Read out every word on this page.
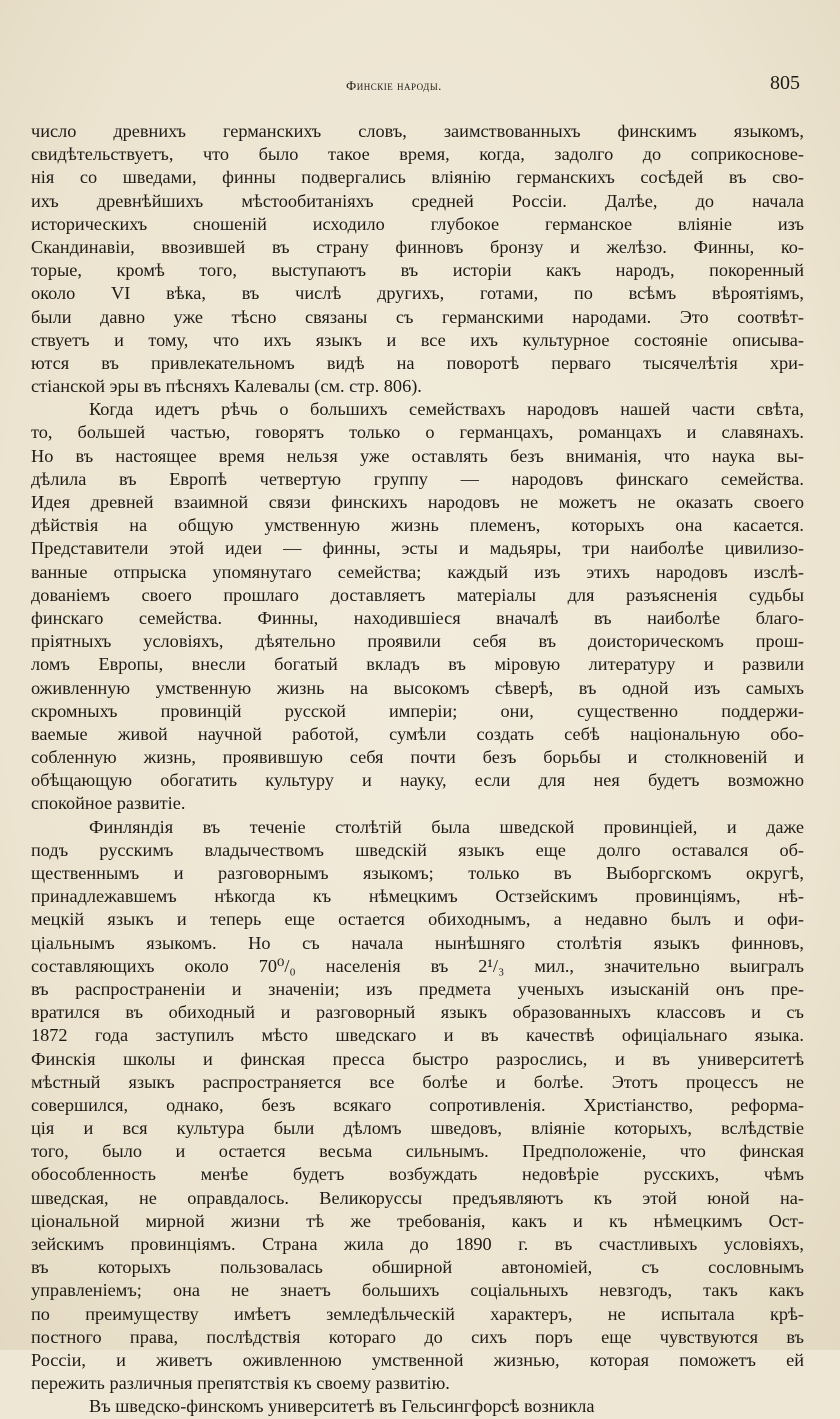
Финскіе народы.	805
число древнихъ германскихъ словъ, заимствованныхъ финскимъ языкомъ,
свидѣтельствуетъ, что было такое время, когда, задолго до соприкоснове-
нія со шведами, финны подвергались вліянію германскихъ сосѣдей въ сво-
ихъ древнѣйшихъ мѣстообитаніяхъ средней Россіи. Далѣе, до начала
историческихъ сношеній исходило глубокое германское вліяніе изъ
Скандинавіи, ввозившей въ страну финновъ бронзу и желѣзо. Финны, ко-
торые, кромѣ того, выступаютъ въ исторіи какъ народъ, покоренный
около VI вѣка, въ числѣ другихъ, готами, по всѣмъ вѣроятіямъ,
были давно уже тѣсно связаны съ германскими народами. Это соотвѣт-
ствуетъ и тому, что ихъ языкъ и все ихъ культурное состояніе описыва-
ются въ привлекательномъ видѣ на поворотѣ перваго тысячелѣтія хри-
стіанской эры въ пѣсняхъ Калевалы (см. стр. 806).
Когда идетъ рѣчь о большихъ семействахъ народовъ нашей части свѣта,
то, большей частью, говорятъ только о германцахъ, романцахъ и славянахъ.
Но въ настоящее время нельзя уже оставлять безъ вниманія, что наука вы-
дѣлила въ Европѣ четвертую группу — народовъ финскаго семейства.
Идея древней взаимной связи финскихъ народовъ не можетъ не оказать своего
дѣйствія на общую умственную жизнь племенъ, которыхъ она касается.
Представители этой идеи — финны, эсты и мадьяры, три наиболѣе цивилизо-
ванные отпрыска упомянутаго семейства; каждый изъ этихъ народовъ изслѣ-
дованіемъ своего прошлаго доставляетъ матеріалы для разъясненія судьбы
финскаго семейства. Финны, находившіеся вначалѣ въ наиболѣе благо-
пріятныхъ условіяхъ, дѣятельно проявили себя въ доисторическомъ прош-
ломъ Европы, внесли богатый вкладъ въ міровую литературу и развили
оживленную умственную жизнь на высокомъ сѣверѣ, въ одной изъ самыхъ
скромныхъ провинцій русской имперіи; они, существенно поддержи-
ваемые живой научной работой, сумѣли создать себѣ національную обо-
собленную жизнь, проявившую себя почти безъ борьбы и столкновеній и
обѣщающую обогатить культуру и науку, если для нея будетъ возможно
спокойное развитіе.
Финляндія въ теченіе столѣтій была шведской провинціей, и даже
подъ русскимъ владычествомъ шведскій языкъ еще долго оставался об-
щественнымъ и разговорнымъ языкомъ; только въ Выборгскомъ округѣ,
принадлежавшемъ нѣкогда къ нѣмецкимъ Остзейскимъ провинціямъ, нѣ-
мецкій языкъ и теперь еще остается обиходнымъ, а недавно былъ и офи-
ціальнымъ языкомъ. Но съ начала нынѣшняго столѣтія языкъ финновъ,
составляющихъ около 70⁰/₀ населенія въ 2¹/₃ мил., значительно выигралъ
въ распространеніи и значеніи; изъ предмета ученыхъ изысканій онъ пре-
вратился въ обиходный и разговорный языкъ образованныхъ классовъ и съ
1872 года заступилъ мѣсто шведскаго и въ качествѣ офиціальнаго языка.
Финскія школы и финская пресса быстро разрослись, и въ университетѣ
мѣстный языкъ распространяется все болѣе и болѣе. Этотъ процессъ не
совершился, однако, безъ всякаго сопротивленія. Христіанство, реформа-
ція и вся культура были дѣломъ шведовъ, вліяніе которыхъ, вслѣдствіе
того, было и остается весьма сильнымъ. Предположеніе, что финская
обособленность менѣе будетъ возбуждать недовѣріе русскихъ, чѣмъ
шведская, не оправдалось. Великоруссы предъявляютъ къ этой юной на-
ціональной мирной жизни тѣ же требованія, какъ и къ нѣмецкимъ Ост-
зейскимъ провинціямъ. Страна жила до 1890 г. въ счастливыхъ условіяхъ,
въ которыхъ пользовалась обширной автономіей, съ сословнымъ
управленіемъ; она не знаетъ большихъ соціальныхъ невзгодъ, такъ какъ
по преимуществу имѣетъ земледѣльческій характеръ, не испытала крѣ-
постного права, послѣдствія котораго до сихъ поръ еще чувствуются въ
Россіи, и живетъ оживленною умственной жизнью, которая поможетъ ей
пережить различныя препятствія къ своему развитію.
Въ шведско-финскомъ университетѣ въ Гельсингфорсѣ возникла
